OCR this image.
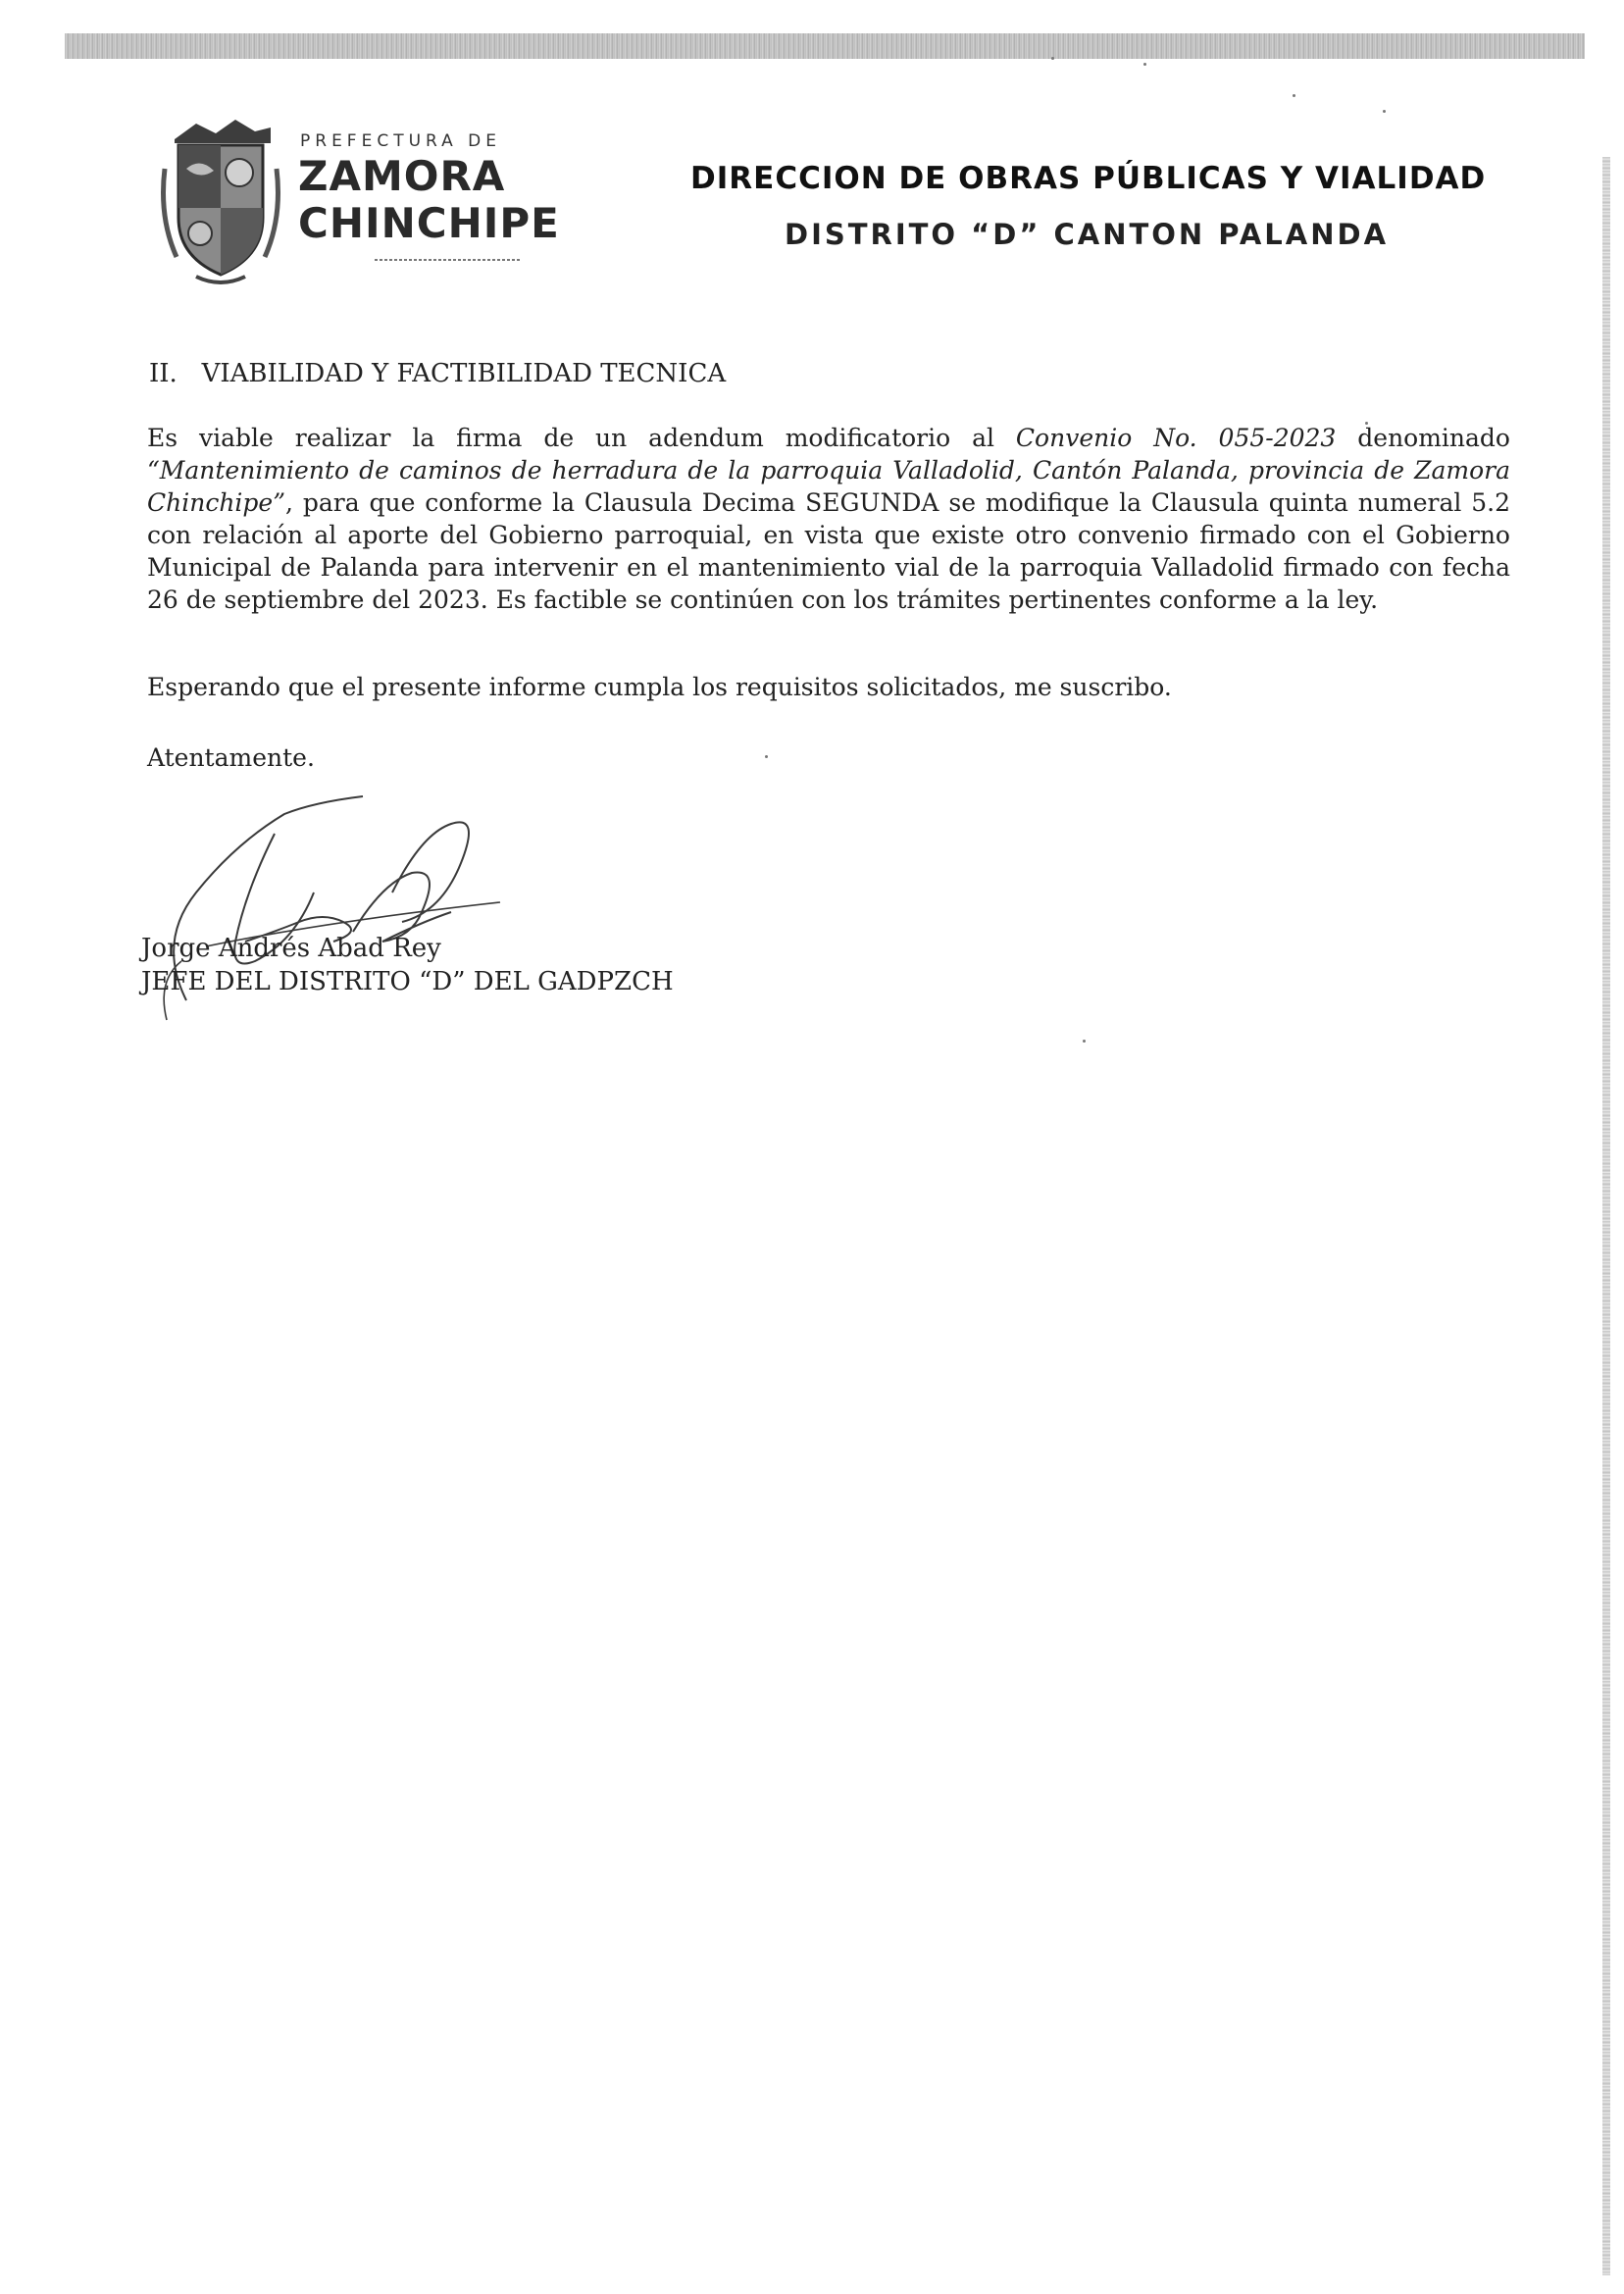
PREFECTURA DE
ZAMORA
CHINCHIPE
DIRECCION DE OBRAS PÚBLICAS Y VIALIDAD
DISTRITO “D” CANTON PALANDA
II.   VIABILIDAD Y FACTIBILIDAD TECNICA
Es viable realizar la firma de un adendum modificatorio al Convenio No. 055-2023 denominado “Mantenimiento de caminos de herradura de la parroquia Valladolid, Cantón Palanda, provincia de Zamora Chinchipe”, para que conforme la Clausula Decima SEGUNDA se modifique la Clausula quinta numeral 5.2 con relación al aporte del Gobierno parroquial, en vista que existe otro convenio firmado con el Gobierno Municipal de Palanda para intervenir en el mantenimiento vial de la parroquia Valladolid firmado con fecha 26 de septiembre del 2023. Es factible se continúen con los trámites pertinentes conforme a la ley.
Esperando que el presente informe cumpla los requisitos solicitados, me suscribo.
Atentamente.
Jorge Andrés Abad Rey
JEFE DEL DISTRITO “D” DEL GADPZCH
